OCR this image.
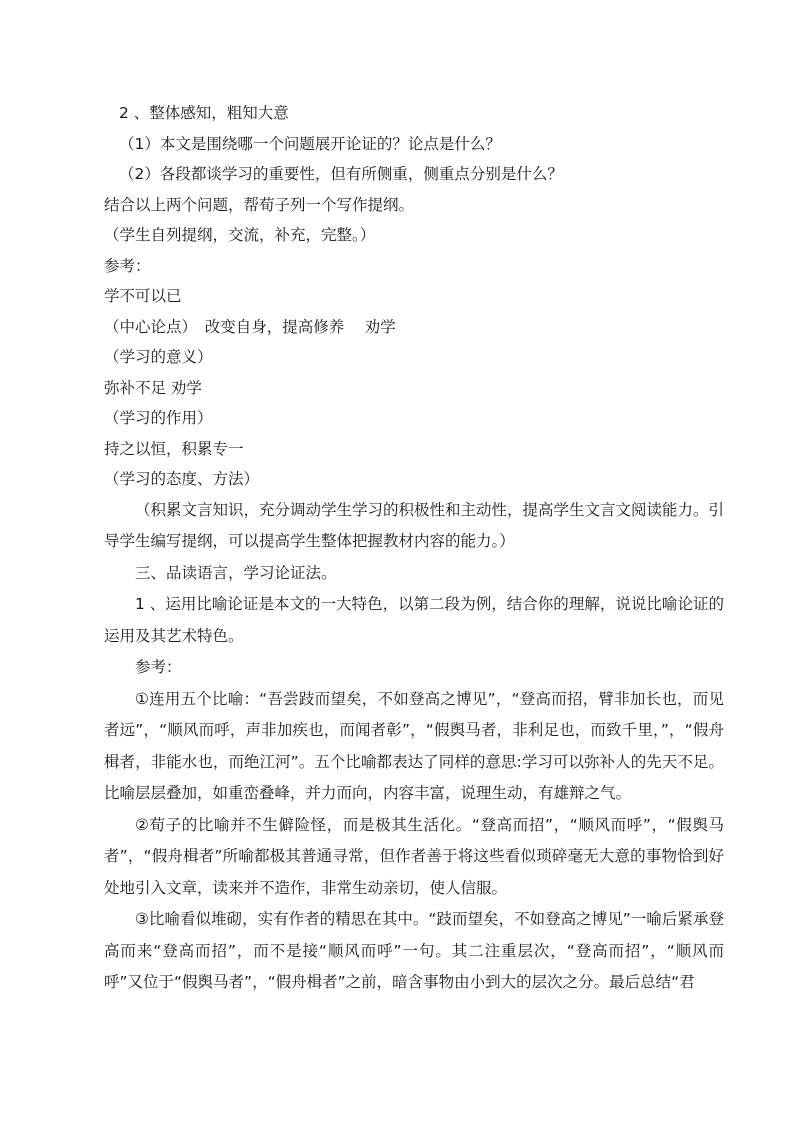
2 、整体感知，粗知大意
（1）本文是围绕哪一个问题展开论证的？论点是什么？
（2）各段都谈学习的重要性，但有所侧重，侧重点分别是什么？
结合以上两个问题，帮荀子列一个写作提纲。
（学生自列提纲，交流，补充，完整。）
参考：
学不可以已
（中心论点）　改变自身，提高修养　 劝学
（学习的意义）
弥补不足 劝学
（学习的作用）
持之以恒，积累专一
（学习的态度、方法）
（积累文言知识，充分调动学生学习的积极性和主动性，提高学生文言文阅读能力。引导学生编写提纲，可以提高学生整体把握教材内容的能力。）
三、品读语言，学习论证法。
1 、运用比喻论证是本文的一大特色，以第二段为例，结合你的理解，说说比喻论证的运用及其艺术特色。
参考：
①连用五个比喻：“吾尝跂而望矣，不如登高之博见”，“登高而招，臂非加长也，而见者远”，“顺风而呼，声非加疾也，而闻者彰”，“假舆马者，非利足也，而致千里，”，“假舟楫者，非能水也，而绝江河”。五个比喻都表达了同样的意思:学习可以弥补人的先天不足。比喻层层叠加，如重峦叠峰，并力而向，内容丰富，说理生动，有雄辩之气。
②荀子的比喻并不生僻险怪，而是极其生活化。“登高而招”，“顺风而呼”，“假舆马者”，“假舟楫者”所喻都极其普通寻常，但作者善于将这些看似琐碎毫无大意的事物恰到好处地引入文章，读来并不造作，非常生动亲切，使人信服。
③比喻看似堆砌，实有作者的精思在其中。“跂而望矣，不如登高之博见”一喻后紧承登高而来“登高而招”，而不是接“顺风而呼”一句。其二注重层次，“登高而招”，“顺风而呼”又位于“假舆马者”，“假舟楫者”之前，暗含事物由小到大的层次之分。最后总结“君
